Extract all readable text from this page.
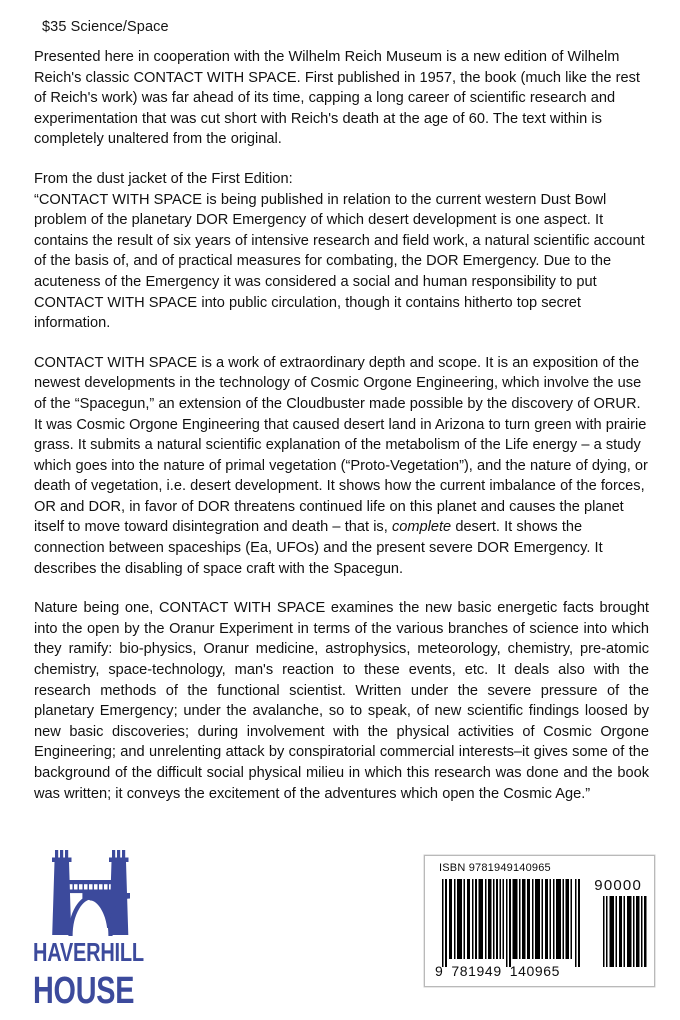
$35 Science/Space

Presented here in cooperation with the Wilhelm Reich Museum is a new edition of Wilhelm Reich's classic CONTACT WITH SPACE. First published in 1957, the book (much like the rest of Reich's work) was far ahead of its time, capping a long career of scientific research and experimentation that was cut short with Reich's death at the age of 60. The text within is completely unaltered from the original.

From the dust jacket of the First Edition:
“CONTACT WITH SPACE is being published in relation to the current western Dust Bowl problem of the planetary DOR Emergency of which desert development is one aspect. It contains the result of six years of intensive research and field work, a natural scientific account of the basis of, and of practical measures for combating, the DOR Emergency. Due to the acuteness of the Emergency it was considered a social and human responsibility to put CONTACT WITH SPACE into public circulation, though it contains hitherto top secret information.

CONTACT WITH SPACE is a work of extraordinary depth and scope. It is an exposition of the newest developments in the technology of Cosmic Orgone Engineering, which involve the use of the “Spacegun,” an extension of the Cloudbuster made possible by the discovery of ORUR. It was Cosmic Orgone Engineering that caused desert land in Arizona to turn green with prairie grass. It submits a natural scientific explanation of the metabolism of the Life energy – a study which goes into the nature of primal vegetation (“Proto-Vegetation”), and the nature of dying, or death of vegetation, i.e. desert development. It shows how the current imbalance of the forces, OR and DOR, in favor of DOR threatens continued life on this planet and causes the planet itself to move toward disintegration and death – that is, complete desert. It shows the connection between spaceships (Ea, UFOs) and the present severe DOR Emergency. It describes the disabling of space craft with the Spacegun.

Nature being one, CONTACT WITH SPACE examines the new basic energetic facts brought into the open by the Oranur Experiment in terms of the various branches of science into which they ramify: bio-physics, Oranur medicine, astrophysics, meteorology, chemistry, pre-atomic chemistry, space-technology, man's reaction to these events, etc. It deals also with the research methods of the functional scientist. Written under the severe pressure of the planetary Emergency; under the avalanche, so to speak, of new scientific findings loosed by new basic discoveries; during involvement with the physical activities of Cosmic Orgone Engineering; and unrelenting attack by conspiratorial commercial interests–it gives some of the background of the difficult social physical milieu in which this research was done and the book was written; it conveys the excitement of the adventures which open the Cosmic Age.”

HAVERHILL
HOUSE
ISBN 9781949140965
90000
9 781949 140965
